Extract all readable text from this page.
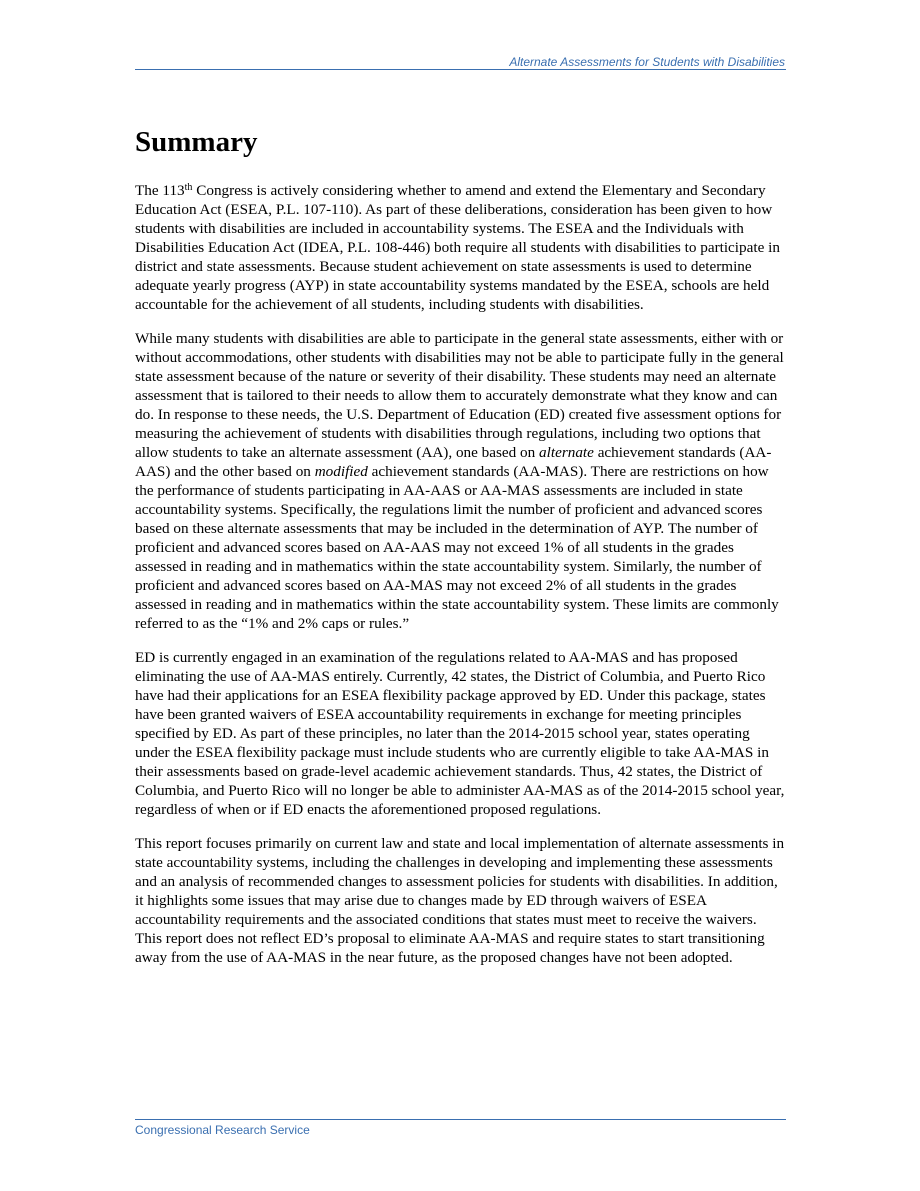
Alternate Assessments for Students with Disabilities
Summary

The 113th Congress is actively considering whether to amend and extend the Elementary and Secondary Education Act (ESEA, P.L. 107-110). As part of these deliberations, consideration has been given to how students with disabilities are included in accountability systems. The ESEA and the Individuals with Disabilities Education Act (IDEA, P.L. 108-446) both require all students with disabilities to participate in district and state assessments. Because student achievement on state assessments is used to determine adequate yearly progress (AYP) in state accountability systems mandated by the ESEA, schools are held accountable for the achievement of all students, including students with disabilities.

While many students with disabilities are able to participate in the general state assessments, either with or without accommodations, other students with disabilities may not be able to participate fully in the general state assessment because of the nature or severity of their disability. These students may need an alternate assessment that is tailored to their needs to allow them to accurately demonstrate what they know and can do. In response to these needs, the U.S. Department of Education (ED) created five assessment options for measuring the achievement of students with disabilities through regulations, including two options that allow students to take an alternate assessment (AA), one based on alternate achievement standards (AA-AAS) and the other based on modified achievement standards (AA-MAS). There are restrictions on how the performance of students participating in AA-AAS or AA-MAS assessments are included in state accountability systems. Specifically, the regulations limit the number of proficient and advanced scores based on these alternate assessments that may be included in the determination of AYP. The number of proficient and advanced scores based on AA-AAS may not exceed 1% of all students in the grades assessed in reading and in mathematics within the state accountability system. Similarly, the number of proficient and advanced scores based on AA-MAS may not exceed 2% of all students in the grades assessed in reading and in mathematics within the state accountability system. These limits are commonly referred to as the “1% and 2% caps or rules.”

ED is currently engaged in an examination of the regulations related to AA-MAS and has proposed eliminating the use of AA-MAS entirely. Currently, 42 states, the District of Columbia, and Puerto Rico have had their applications for an ESEA flexibility package approved by ED. Under this package, states have been granted waivers of ESEA accountability requirements in exchange for meeting principles specified by ED. As part of these principles, no later than the 2014-2015 school year, states operating under the ESEA flexibility package must include students who are currently eligible to take AA-MAS in their assessments based on grade-level academic achievement standards. Thus, 42 states, the District of Columbia, and Puerto Rico will no longer be able to administer AA-MAS as of the 2014-2015 school year, regardless of when or if ED enacts the aforementioned proposed regulations.

This report focuses primarily on current law and state and local implementation of alternate assessments in state accountability systems, including the challenges in developing and implementing these assessments and an analysis of recommended changes to assessment policies for students with disabilities. In addition, it highlights some issues that may arise due to changes made by ED through waivers of ESEA accountability requirements and the associated conditions that states must meet to receive the waivers. This report does not reflect ED’s proposal to eliminate AA-MAS and require states to start transitioning away from the use of AA-MAS in the near future, as the proposed changes have not been adopted.

Congressional Research Service
